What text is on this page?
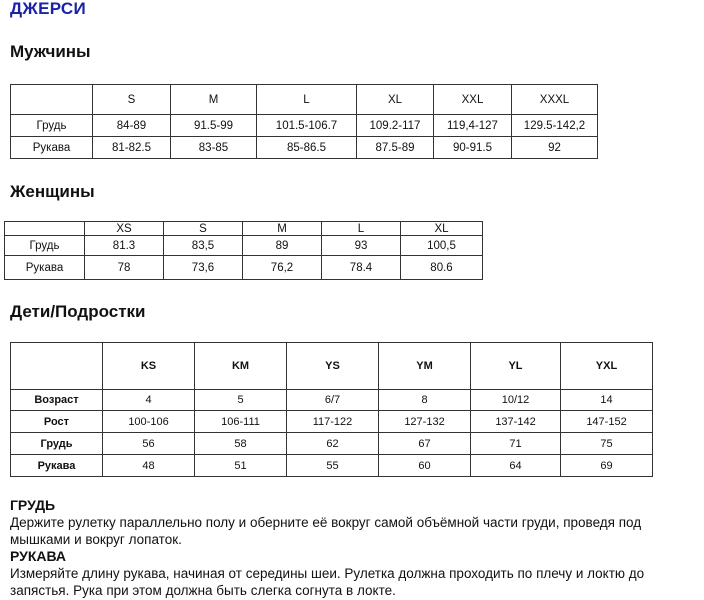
ДЖЕРСИ
Мужчины
	S	M	L	XL	XXL	XXXL
Грудь	84-89	91.5-99	101.5-106.7	109.2-117	119,4-127	129.5-142,2
Рукава	81-82.5	83-85	85-86.5	87.5-89	90-91.5	92
Женщины
	XS	S	M	L	XL
Грудь	81.3	83,5	89	93	100,5
Рукава	78	73,6	76,2	78.4	80.6
Дети/Подростки
	KS	KM	YS	YM	YL	YXL
Возраст	4	5	6/7	8	10/12	14
Рост	100-106	106-111	117-122	127-132	137-142	147-152
Грудь	56	58	62	67	71	75
Рукава	48	51	55	60	64	69
ГРУДЬ
Держите рулетку параллельно полу и оберните её вокруг самой объёмной части груди, проведя под мышками и вокруг лопаток.
РУКАВА
Измеряйте длину рукава, начиная от середины шеи. Рулетка должна проходить по плечу и локтю до запястья. Рука при этом должна быть слегка согнута в локте.
